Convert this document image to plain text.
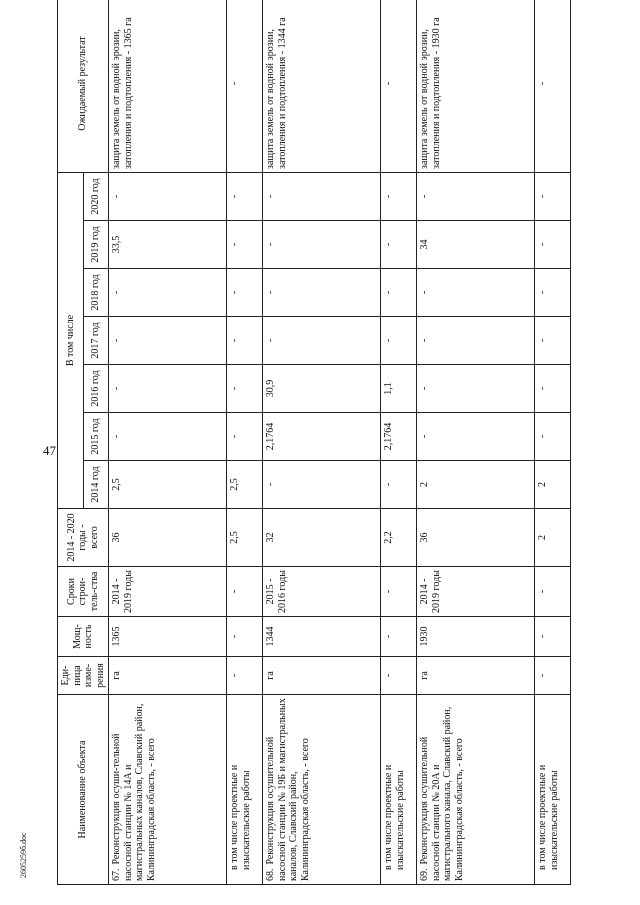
47
Наименование объекта	Еди-ница изме-рения	Мощ-ность	Сроки строи-тель-ства	2014 - 2020 годы - всего	В том числе							Ожидаемый результат
					2014 год	2015 год	2016 год	2017 год	2018 год	2019 год	2020 год	
67.Реконструкция осуши-тельной насосной станции № 14А и магистральных каналов, Славский район, Калининградская область, - всего	га	1365	2014 - 2019 годы	36	2,5	-	-	-	-	33,5	-	защита земель от водной эрозии, затопления и подтопления - 1365 га
в том числе проектные и изыскательские работы	-	-	-	2,5	2,5	-	-	-	-	-	-	-
68.Реконструкция осушительной насосной станции № 19Б и магистральных каналов, Славский район, Калининградская область, - всего	га	1344	2015 - 2016 годы	32	-	2,1764	30,9	-	-	-	-	защита земель от водной эрозии, затопления и подтопления - 1344 га
в том числе проектные и изыскательские работы	-	-	-	2,2	-	2,1764	1,1	-	-	-	-	-
69.Реконструкция осушительной насосной станции № 20А и магистрального канала, Славский район, Калининградская область, - всего	га	1930	2014 - 2019 годы	36	2	-	-	-	-	34	-	защита земель от водной эрозии, затопления и подтопления - 1930 га
в том числе проектные и изыскательские работы	-	-	-	2	2	-	-	-	-	-	-	-
2605259б.doc
